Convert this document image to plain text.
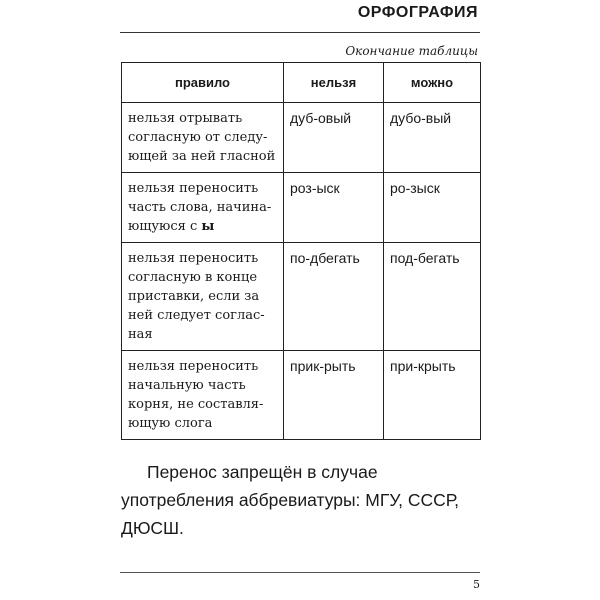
ОРФОГРАФИЯ
Окончание таблицы
правило	нельзя	можно
нельзя отрывать
согласную от следу-
ющей за ней гласной	дуб-овый	дубо-вый
нельзя переносить
часть слова, начина-
ющуюся с ы	роз-ыск	ро-зыск
нельзя переносить
согласную в конце
приставки, если за
ней следует соглас-
ная	по-дбегать	под-бегать
нельзя переносить
начальную часть
корня, не составля-
ющую слога	прик-рыть	при-крыть
Перенос запрещён в случае употребления аббревиатуры: МГУ, СССР, ДЮСШ.
5
